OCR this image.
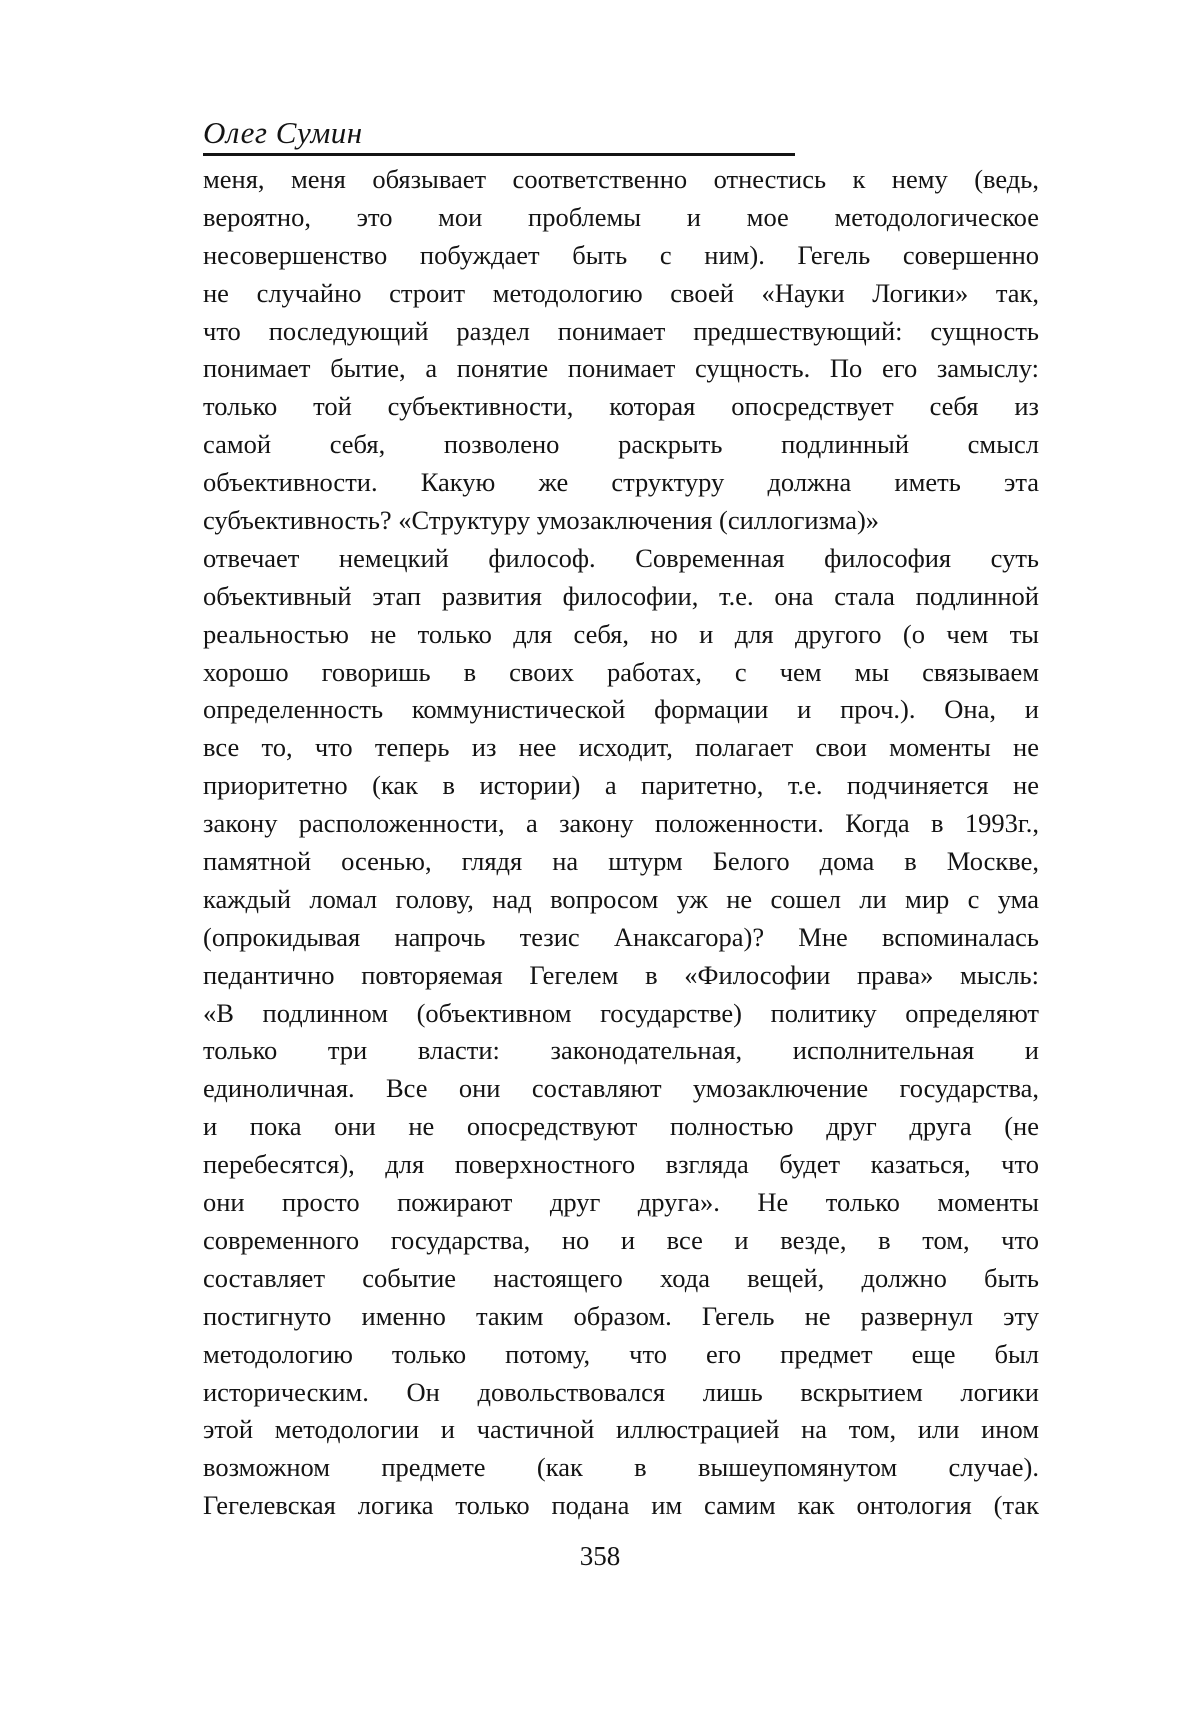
Олег Сумин
меня, меня обязывает соответственно отнестись к нему (ведь,
вероятно, это мои проблемы и мое методологическое
несовершенство побуждает быть с ним). Гегель совершенно
не случайно строит методологию своей «Науки Логики» так,
что последующий раздел понимает предшествующий: сущность
понимает бытие, а понятие понимает сущность. По его замыслу:
только той субъективности, которая опосредствует себя из
самой себя, позволено раскрыть подлинный смысл
объективности. Какую же структуру должна иметь эта
субъективность? «Структуру умозаключения (силлогизма)»
отвечает немецкий философ. Современная философия суть
объективный этап развития философии, т.е. она стала подлинной
реальностью не только для себя, но и для другого (о чем ты
хорошо говоришь в своих работах, с чем мы связываем
определенность коммунистической формации и проч.). Она, и
все то, что теперь из нее исходит, полагает свои моменты не
приоритетно (как в истории) а паритетно, т.е. подчиняется не
закону расположенности, а закону положенности. Когда в 1993г.,
памятной осенью, глядя на штурм Белого дома в Москве,
каждый ломал голову, над вопросом уж не сошел ли мир с ума
(опрокидывая напрочь тезис Анаксагора)? Мне вспоминалась
педантично повторяемая Гегелем в «Философии права» мысль:
«В подлинном (объективном государстве) политику определяют
только три власти: законодательная, исполнительная и
единоличная. Все они составляют умозаключение государства,
и пока они не опосредствуют полностью друг друга (не
перебесятся), для поверхностного взгляда будет казаться, что
они просто пожирают друг друга». Не только моменты
современного государства, но и все и везде, в том, что
составляет событие настоящего хода вещей, должно быть
постигнуто именно таким образом. Гегель не развернул эту
методологию только потому, что его предмет еще был
историческим. Он довольствовался лишь вскрытием логики
этой методологии и частичной иллюстрацией на том, или ином
возможном предмете (как в вышеупомянутом случае).
Гегелевская логика только подана им самим как онтология (так
358
